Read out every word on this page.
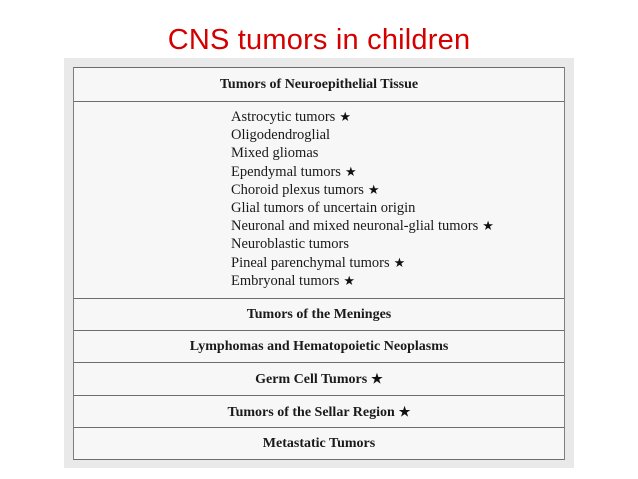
CNS tumors in children
Tumors of Neuroepithelial Tissue
Astrocytic tumors ★
Oligodendroglial
Mixed gliomas
Ependymal tumors ★
Choroid plexus tumors ★
Glial tumors of uncertain origin
Neuronal and mixed neuronal-glial tumors ★
Neuroblastic tumors
Pineal parenchymal tumors ★
Embryonal tumors ★
Tumors of the Meninges
Lymphomas and Hematopoietic Neoplasms
Germ Cell Tumors ★
Tumors of the Sellar Region ★
Metastatic Tumors
